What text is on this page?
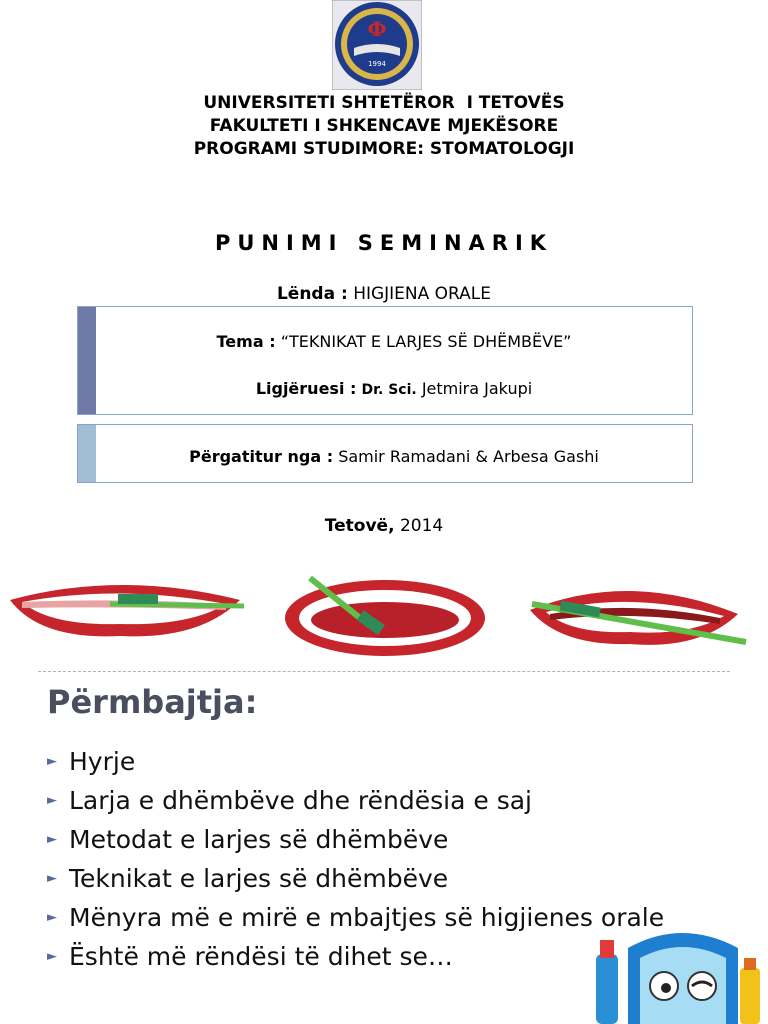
Ф
1994
UNIVERSITETI SHTETËROR  I TETOVËS
FAKULTETI I SHKENCAVE MJEKËSORE
PROGRAMI STUDIMORE: STOMATOLOGJI
PUNIMI SEMINARIK
Lënda : HIGJIENA ORALE
Tema : “TEKNIKAT E LARJES SË DHËMBËVE”
Ligjëruesi : Dr. Sci. Jetmira Jakupi
Përgatitur nga : Samir Ramadani & Arbesa Gashi
Tetovë, 2014
Përmbajtja:
► Hyrje
► Larja e dhëmbëve dhe rëndësia e saj
► Metodat e larjes së dhëmbëve
► Teknikat e larjes së dhëmbëve
► Mënyra më e mirë e mbajtjes së higjienes orale
► Është më rëndësi të dihet se…
